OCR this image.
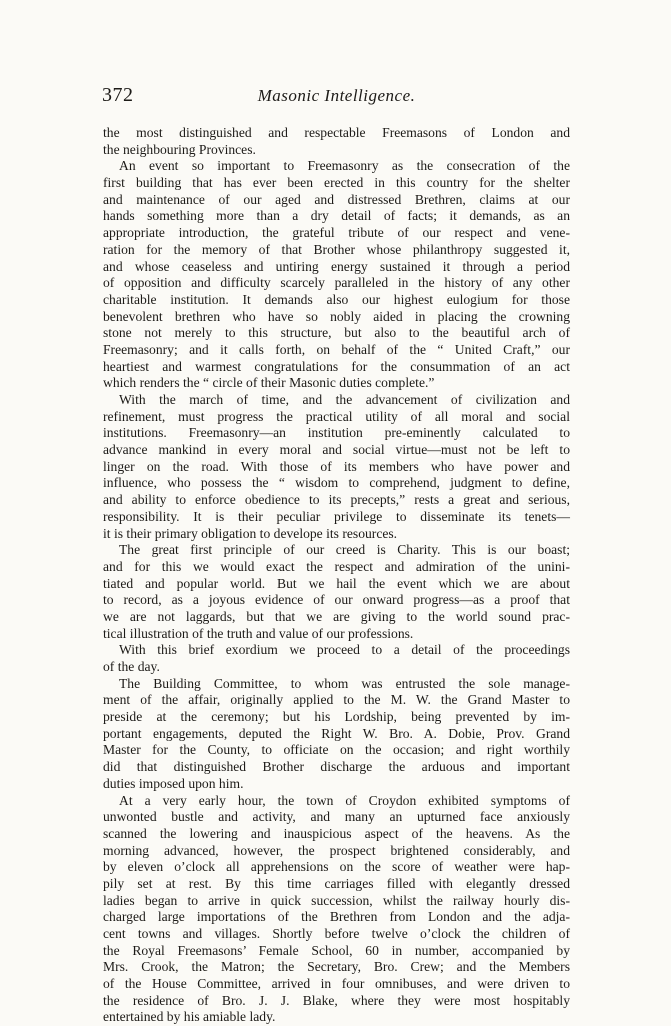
372	Masonic Intelligence.
the most distinguished and respectable Freemasons of London and
the neighbouring Provinces.
An event so important to Freemasonry as the consecration of the
first building that has ever been erected in this country for the shelter
and maintenance of our aged and distressed Brethren, claims at our
hands something more than a dry detail of facts; it demands, as an
appropriate introduction, the grateful tribute of our respect and vene-
ration for the memory of that Brother whose philanthropy suggested it,
and whose ceaseless and untiring energy sustained it through a period
of opposition and difficulty scarcely paralleled in the history of any other
charitable institution. It demands also our highest eulogium for those
benevolent brethren who have so nobly aided in placing the crowning
stone not merely to this structure, but also to the beautiful arch of
Freemasonry; and it calls forth, on behalf of the “ United Craft,” our
heartiest and warmest congratulations for the consummation of an act
which renders the “ circle of their Masonic duties complete.”
With the march of time, and the advancement of civilization and
refinement, must progress the practical utility of all moral and social
institutions. Freemasonry—an institution pre-eminently calculated to
advance mankind in every moral and social virtue—must not be left to
linger on the road. With those of its members who have power and
influence, who possess the “ wisdom to comprehend, judgment to define,
and ability to enforce obedience to its precepts,” rests a great and serious,
responsibility. It is their peculiar privilege to disseminate its tenets—
it is their primary obligation to develope its resources.
The great first principle of our creed is Charity. This is our boast;
and for this we would exact the respect and admiration of the unini-
tiated and popular world. But we hail the event which we are about
to record, as a joyous evidence of our onward progress—as a proof that
we are not laggards, but that we are giving to the world sound prac-
tical illustration of the truth and value of our professions.
With this brief exordium we proceed to a detail of the proceedings
of the day.
The Building Committee, to whom was entrusted the sole manage-
ment of the affair, originally applied to the M. W. the Grand Master to
preside at the ceremony; but his Lordship, being prevented by im-
portant engagements, deputed the Right W. Bro. A. Dobie, Prov. Grand
Master for the County, to officiate on the occasion; and right worthily
did that distinguished Brother discharge the arduous and important
duties imposed upon him.
At a very early hour, the town of Croydon exhibited symptoms of
unwonted bustle and activity, and many an upturned face anxiously
scanned the lowering and inauspicious aspect of the heavens. As the
morning advanced, however, the prospect brightened considerably, and
by eleven o’clock all apprehensions on the score of weather were hap-
pily set at rest. By this time carriages filled with elegantly dressed
ladies began to arrive in quick succession, whilst the railway hourly dis-
charged large importations of the Brethren from London and the adja-
cent towns and villages. Shortly before twelve o’clock the children of
the Royal Freemasons’ Female School, 60 in number, accompanied by
Mrs. Crook, the Matron; the Secretary, Bro. Crew; and the Members
of the House Committee, arrived in four omnibuses, and were driven to
the residence of Bro. J. J. Blake, where they were most hospitably
entertained by his amiable lady.
